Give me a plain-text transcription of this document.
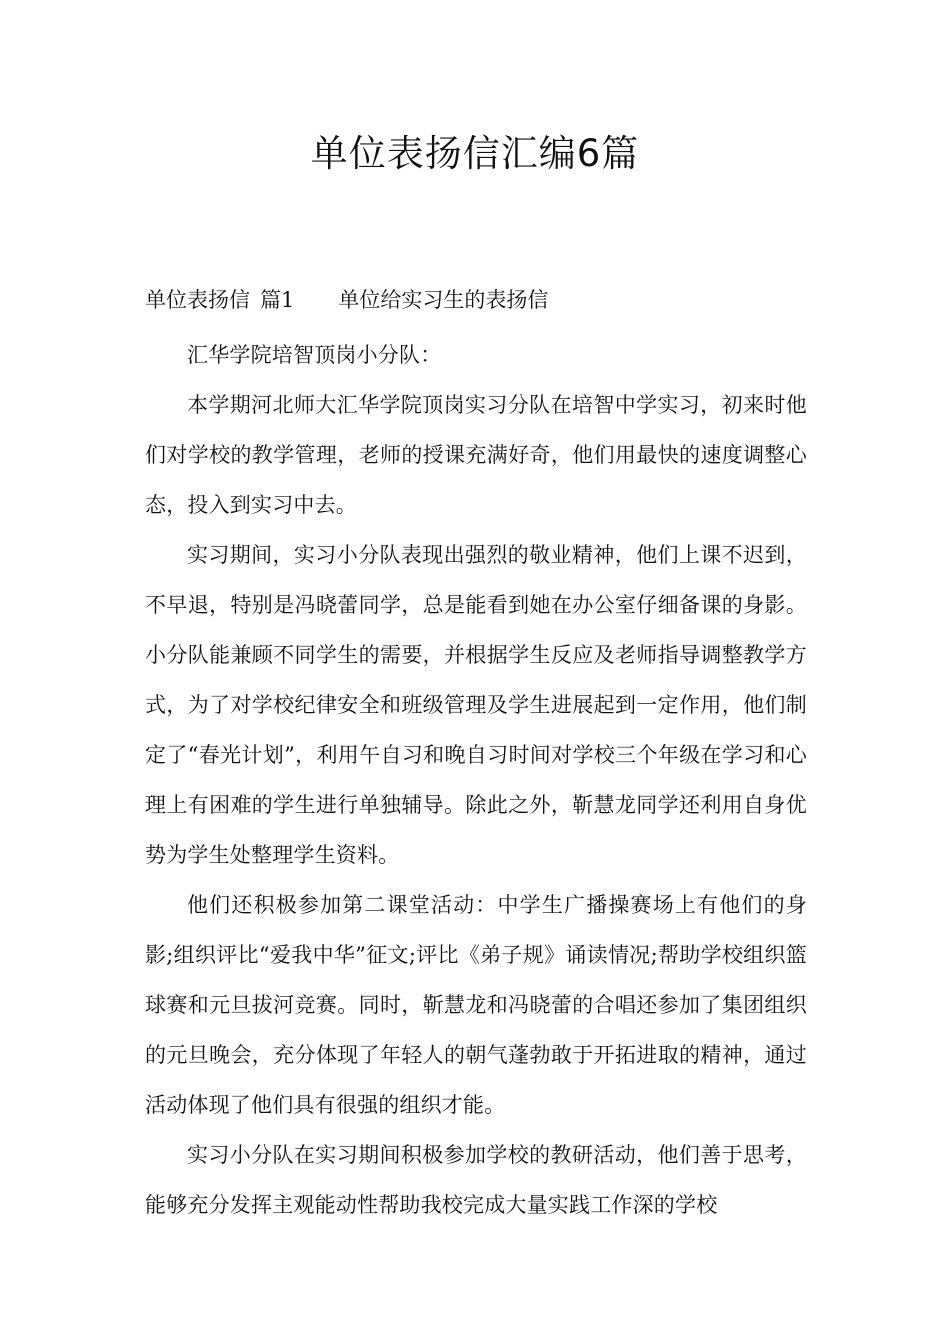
单位表扬信汇编6篇
单位表扬信 篇1 单位给实习生的表扬信

汇华学院培智顶岗小分队：

本学期河北师大汇华学院顶岗实习分队在培智中学实习，初来时他们对学校的教学管理，老师的授课充满好奇，他们用最快的速度调整心态，投入到实习中去。

实习期间，实习小分队表现出强烈的敬业精神，他们上课不迟到，不早退，特别是冯晓蕾同学，总是能看到她在办公室仔细备课的身影。小分队能兼顾不同学生的需要，并根据学生反应及老师指导调整教学方式，为了对学校纪律安全和班级管理及学生进展起到一定作用，他们制定了“春光计划”，利用午自习和晚自习时间对学校三个年级在学习和心理上有困难的学生进行单独辅导。除此之外，靳慧龙同学还利用自身优势为学生处整理学生资料。

他们还积极参加第二课堂活动：中学生广播操赛场上有他们的身影;组织评比“爱我中华”征文;评比《弟子规》诵读情况;帮助学校组织篮球赛和元旦拔河竞赛。同时，靳慧龙和冯晓蕾的合唱还参加了集团组织的元旦晚会，充分体现了年轻人的朝气蓬勃敢于开拓进取的精神，通过活动体现了他们具有很强的组织才能。

实习小分队在实习期间积极参加学校的教研活动，他们善于思考，能够充分发挥主观能动性帮助我校完成大量实践工作深的学校
